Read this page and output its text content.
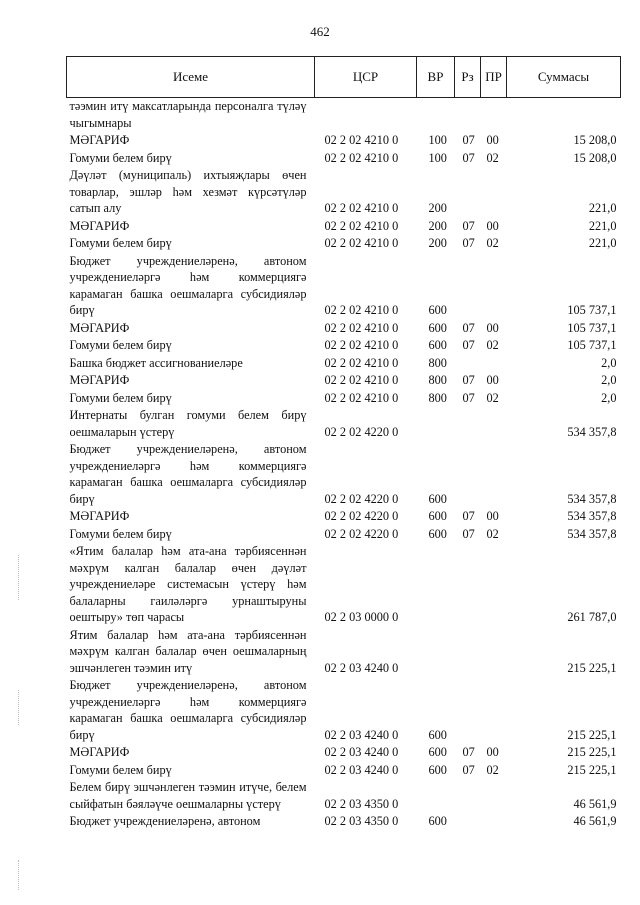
462
Исеме	ЦСР	ВР	Рз	ПР	Суммасы
тәэмин итү максатларында персоналга түләү чыгымнары					
МӘГАРИФ	02 2 02 4210 0	100	07	00	15 208,0
Гомуми белем бирү	02 2 02 4210 0	100	07	02	15 208,0
Дәүләт (муниципаль) ихтыяҗлары өчен товарлар, эшләр һәм хезмәт күрсәтүләр сатып алу	02 2 02 4210 0	200			221,0
МӘГАРИФ	02 2 02 4210 0	200	07	00	221,0
Гомуми белем бирү	02 2 02 4210 0	200	07	02	221,0
Бюджет учреждениеләренә, автоном учреждениеләргә һәм коммерциягә карамаган башка оешмаларга субсидияләр бирү	02 2 02 4210 0	600			105 737,1
МӘГАРИФ	02 2 02 4210 0	600	07	00	105 737,1
Гомуми белем бирү	02 2 02 4210 0	600	07	02	105 737,1
Башка бюджет ассигнованиеләре	02 2 02 4210 0	800			2,0
МӘГАРИФ	02 2 02 4210 0	800	07	00	2,0
Гомуми белем бирү	02 2 02 4210 0	800	07	02	2,0
Интернаты булган гомуми белем бирү оешмаларын үстерү	02 2 02 4220 0				534 357,8
Бюджет учреждениеләренә, автоном учреждениеләргә һәм коммерциягә карамаган башка оешмаларга субсидияләр бирү	02 2 02 4220 0	600			534 357,8
МӘГАРИФ	02 2 02 4220 0	600	07	00	534 357,8
Гомуми белем бирү	02 2 02 4220 0	600	07	02	534 357,8
«Ятим балалар һәм ата-ана тәрбиясеннән мәхрүм калган балалар өчен дәүләт учреждениеләре системасын үстерү һәм балаларны гаиләләргә урнаштыруны оештыру» төп чарасы	02 2 03 0000 0				261 787,0
Ятим балалар һәм ата-ана тәрбиясеннән мәхрүм калган балалар өчен оешмаларның эшчәнлеген тәэмин итү	02 2 03 4240 0				215 225,1
Бюджет учреждениеләренә, автоном учреждениеләргә һәм коммерциягә карамаган башка оешмаларга субсидияләр бирү	02 2 03 4240 0	600			215 225,1
МӘГАРИФ	02 2 03 4240 0	600	07	00	215 225,1
Гомуми белем бирү	02 2 03 4240 0	600	07	02	215 225,1
Белем бирү эшчәнлеген тәэмин итүче, белем сыйфатын бәяләүче оешмаларны үстерү	02 2 03 4350 0				46 561,9
Бюджет учреждениеләренә, автоном	02 2 03 4350 0	600			46 561,9
